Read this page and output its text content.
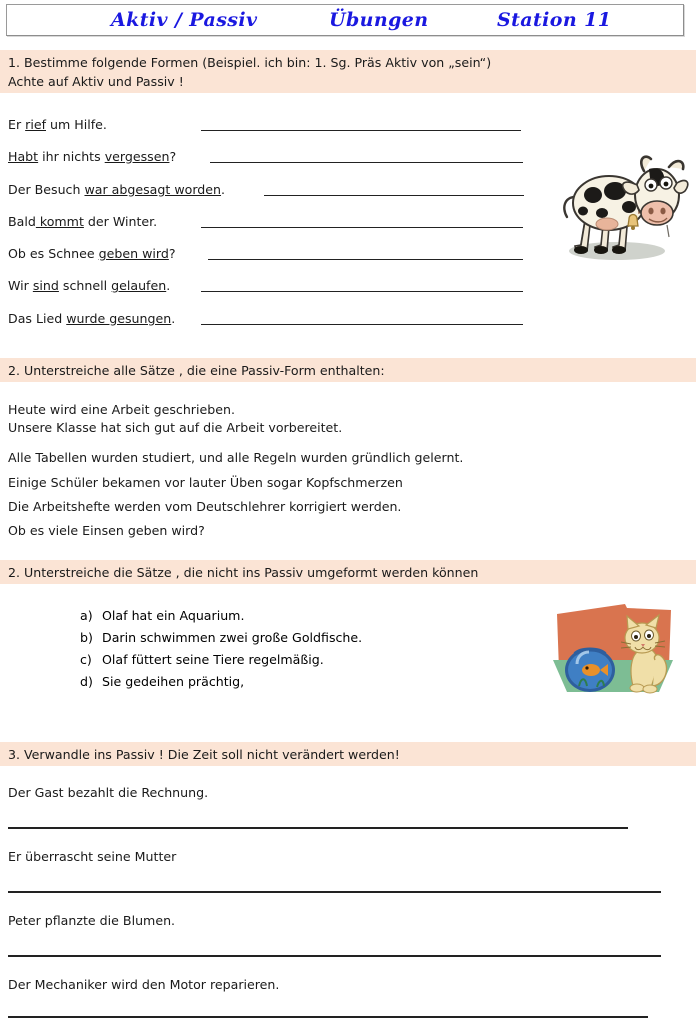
Aktiv / Passiv	Übungen	Station 11
1. Bestimme folgende Formen (Beispiel. ich bin: 1. Sg. Präs Aktiv von „sein“)
Achte auf Aktiv und Passiv !
Er rief um Hilfe.
Habt ihr nichts vergessen?
Der Besuch war abgesagt worden.
Bald kommt der Winter.
Ob es Schnee geben wird?
Wir sind schnell gelaufen.
Das Lied wurde gesungen.
2. Unterstreiche alle Sätze , die eine Passiv-Form enthalten:
Heute wird eine Arbeit geschrieben.
Unsere Klasse hat sich gut auf die Arbeit vorbereitet.
Alle Tabellen wurden studiert, und alle Regeln wurden gründlich gelernt.
Einige Schüler bekamen vor lauter Üben sogar Kopfschmerzen
Die Arbeitshefte werden vom Deutschlehrer korrigiert werden.
Ob es viele Einsen geben wird?
2. Unterstreiche die Sätze , die nicht ins Passiv umgeformt werden können
a) Olaf hat ein Aquarium.
b) Darin schwimmen zwei große Goldfische.
c) Olaf füttert seine Tiere regelmäßig.
d) Sie gedeihen prächtig,
3. Verwandle ins Passiv ! Die Zeit soll nicht verändert werden!
Der Gast bezahlt die Rechnung.
Er überrascht seine Mutter
Peter pflanzte die Blumen.
Der Mechaniker wird den Motor reparieren.
